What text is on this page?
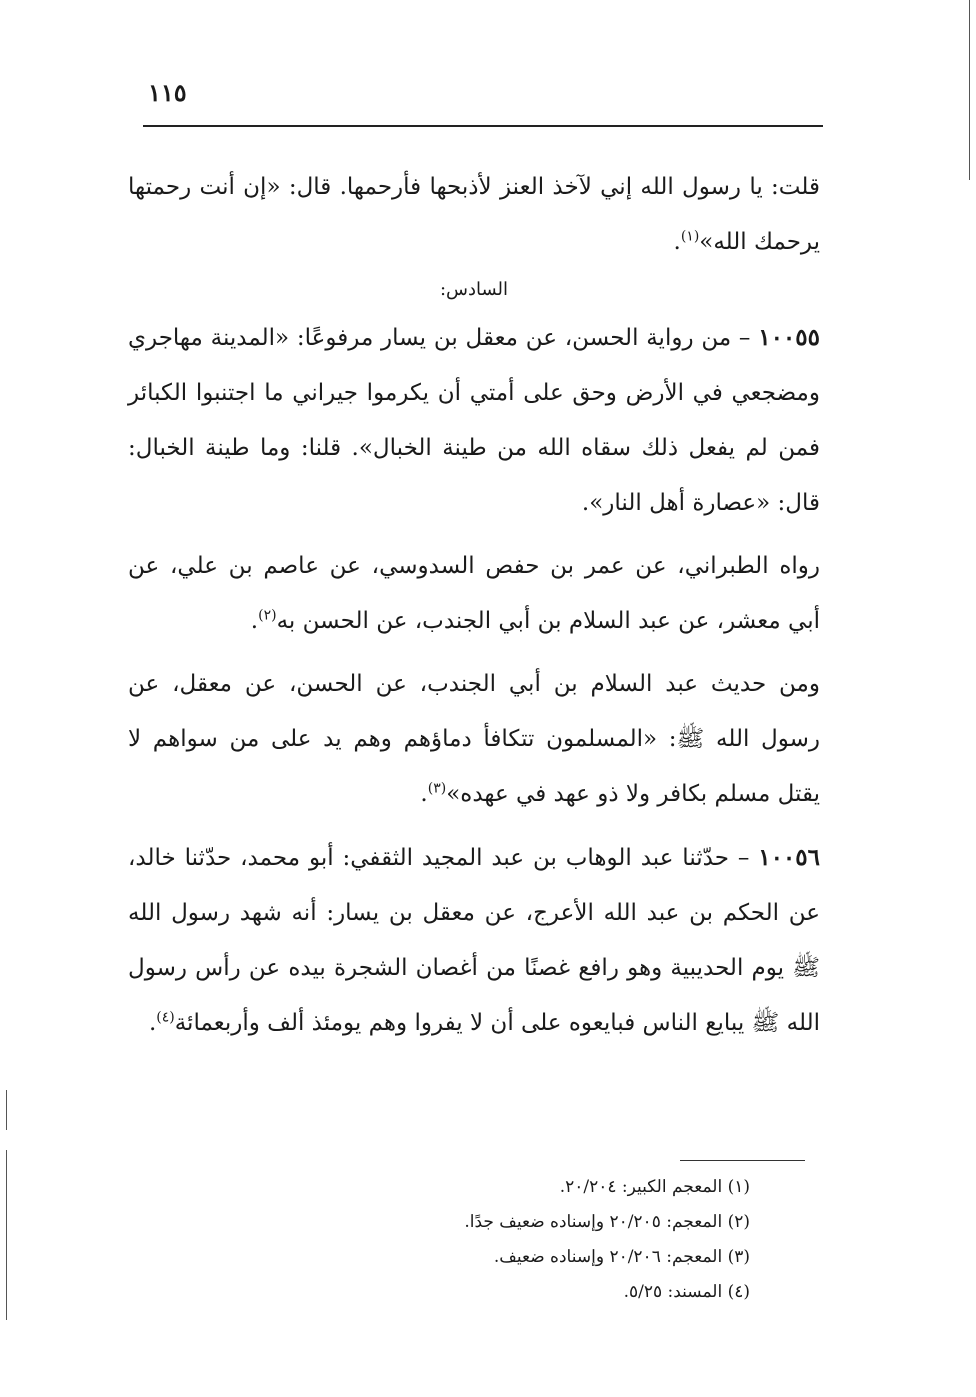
١١٥

قلت: يا رسول الله إني لآخذ العنز لأذبحها فأرحمها. قال: «إن أنت رحمتها يرحمك الله»$^{(١)}$.

السادس:

١٠٠٥٥ – من رواية الحسن، عن معقل بن يسار مرفوعًا: «المدينة مهاجري ومضجعي في الأرض وحق على أمتي أن يكرموا جيراني ما اجتنبوا الكبائر فمن لم يفعل ذلك سقاه الله من طينة الخبال». قلنا: وما طينة الخبال: قال: «عصارة أهل النار».

رواه الطبراني، عن عمر بن حفص السدوسي، عن عاصم بن علي، عن أبي معشر، عن عبد السلام بن أبي الجندب، عن الحسن به$^{(٢)}$.

ومن حديث عبد السلام بن أبي الجندب، عن الحسن، عن معقل، عن رسول الله ﷺ: «المسلمون تتكافأ دماؤهم وهم يد على من سواهم لا يقتل مسلم بكافر ولا ذو عهد في عهده»$^{(٣)}$.

١٠٠٥٦ – حدّثنا عبد الوهاب بن عبد المجيد الثقفي: أبو محمد، حدّثنا خالد، عن الحكم بن عبد الله الأعرج، عن معقل بن يسار: أنه شهد رسول الله ﷺ يوم الحديبية وهو رافع غصنًا من أغصان الشجرة بيده عن رأس رسول الله ﷺ يبايع الناس فبايعوه على أن لا يفروا وهم يومئذ ألف وأربعمائة$^{(٤)}$.

(١) المعجم الكبير: ٢٠/٢٠٤.
(٢) المعجم: ٢٠/٢٠٥ وإسناده ضعيف جدًا.
(٣) المعجم: ٢٠/٢٠٦ وإسناده ضعيف.
(٤) المسند: ٥/٢٥.
